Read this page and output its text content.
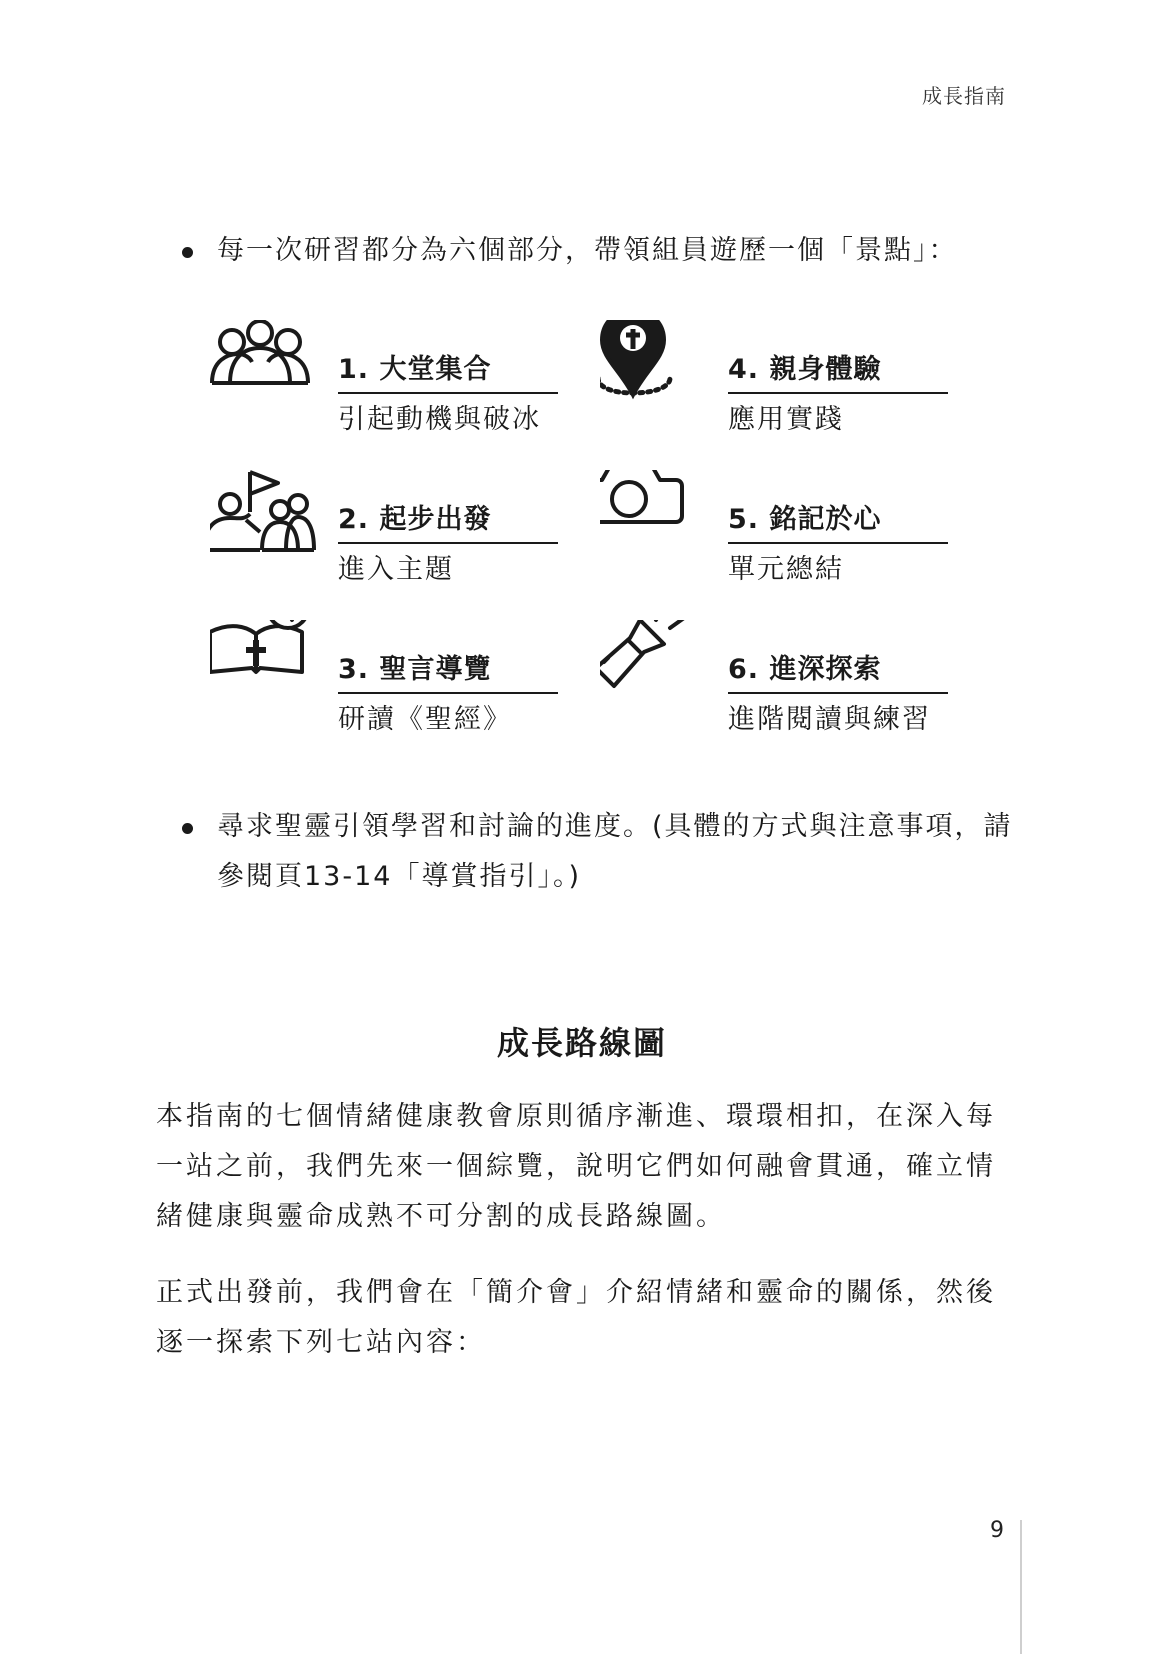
成長指南
每一次研習都分為六個部分，帶領組員遊歷一個「景點」：
1. 大堂集合
引起動機與破冰
2. 起步出發
進入主題
3. 聖言導覽
研讀《聖經》
4. 親身體驗
應用實踐
5. 銘記於心
單元總結
6. 進深探索
進階閱讀與練習
尋求聖靈引領學習和討論的進度。(具體的方式與注意事項，請參閱頁13-14「導賞指引」。)
成長路線圖

本指南的七個情緒健康教會原則循序漸進、環環相扣，在深入每一站之前，我們先來一個綜覽，說明它們如何融會貫通，確立情緒健康與靈命成熟不可分割的成長路線圖。

正式出發前，我們會在「簡介會」介紹情緒和靈命的關係，然後逐一探索下列七站內容：

9
